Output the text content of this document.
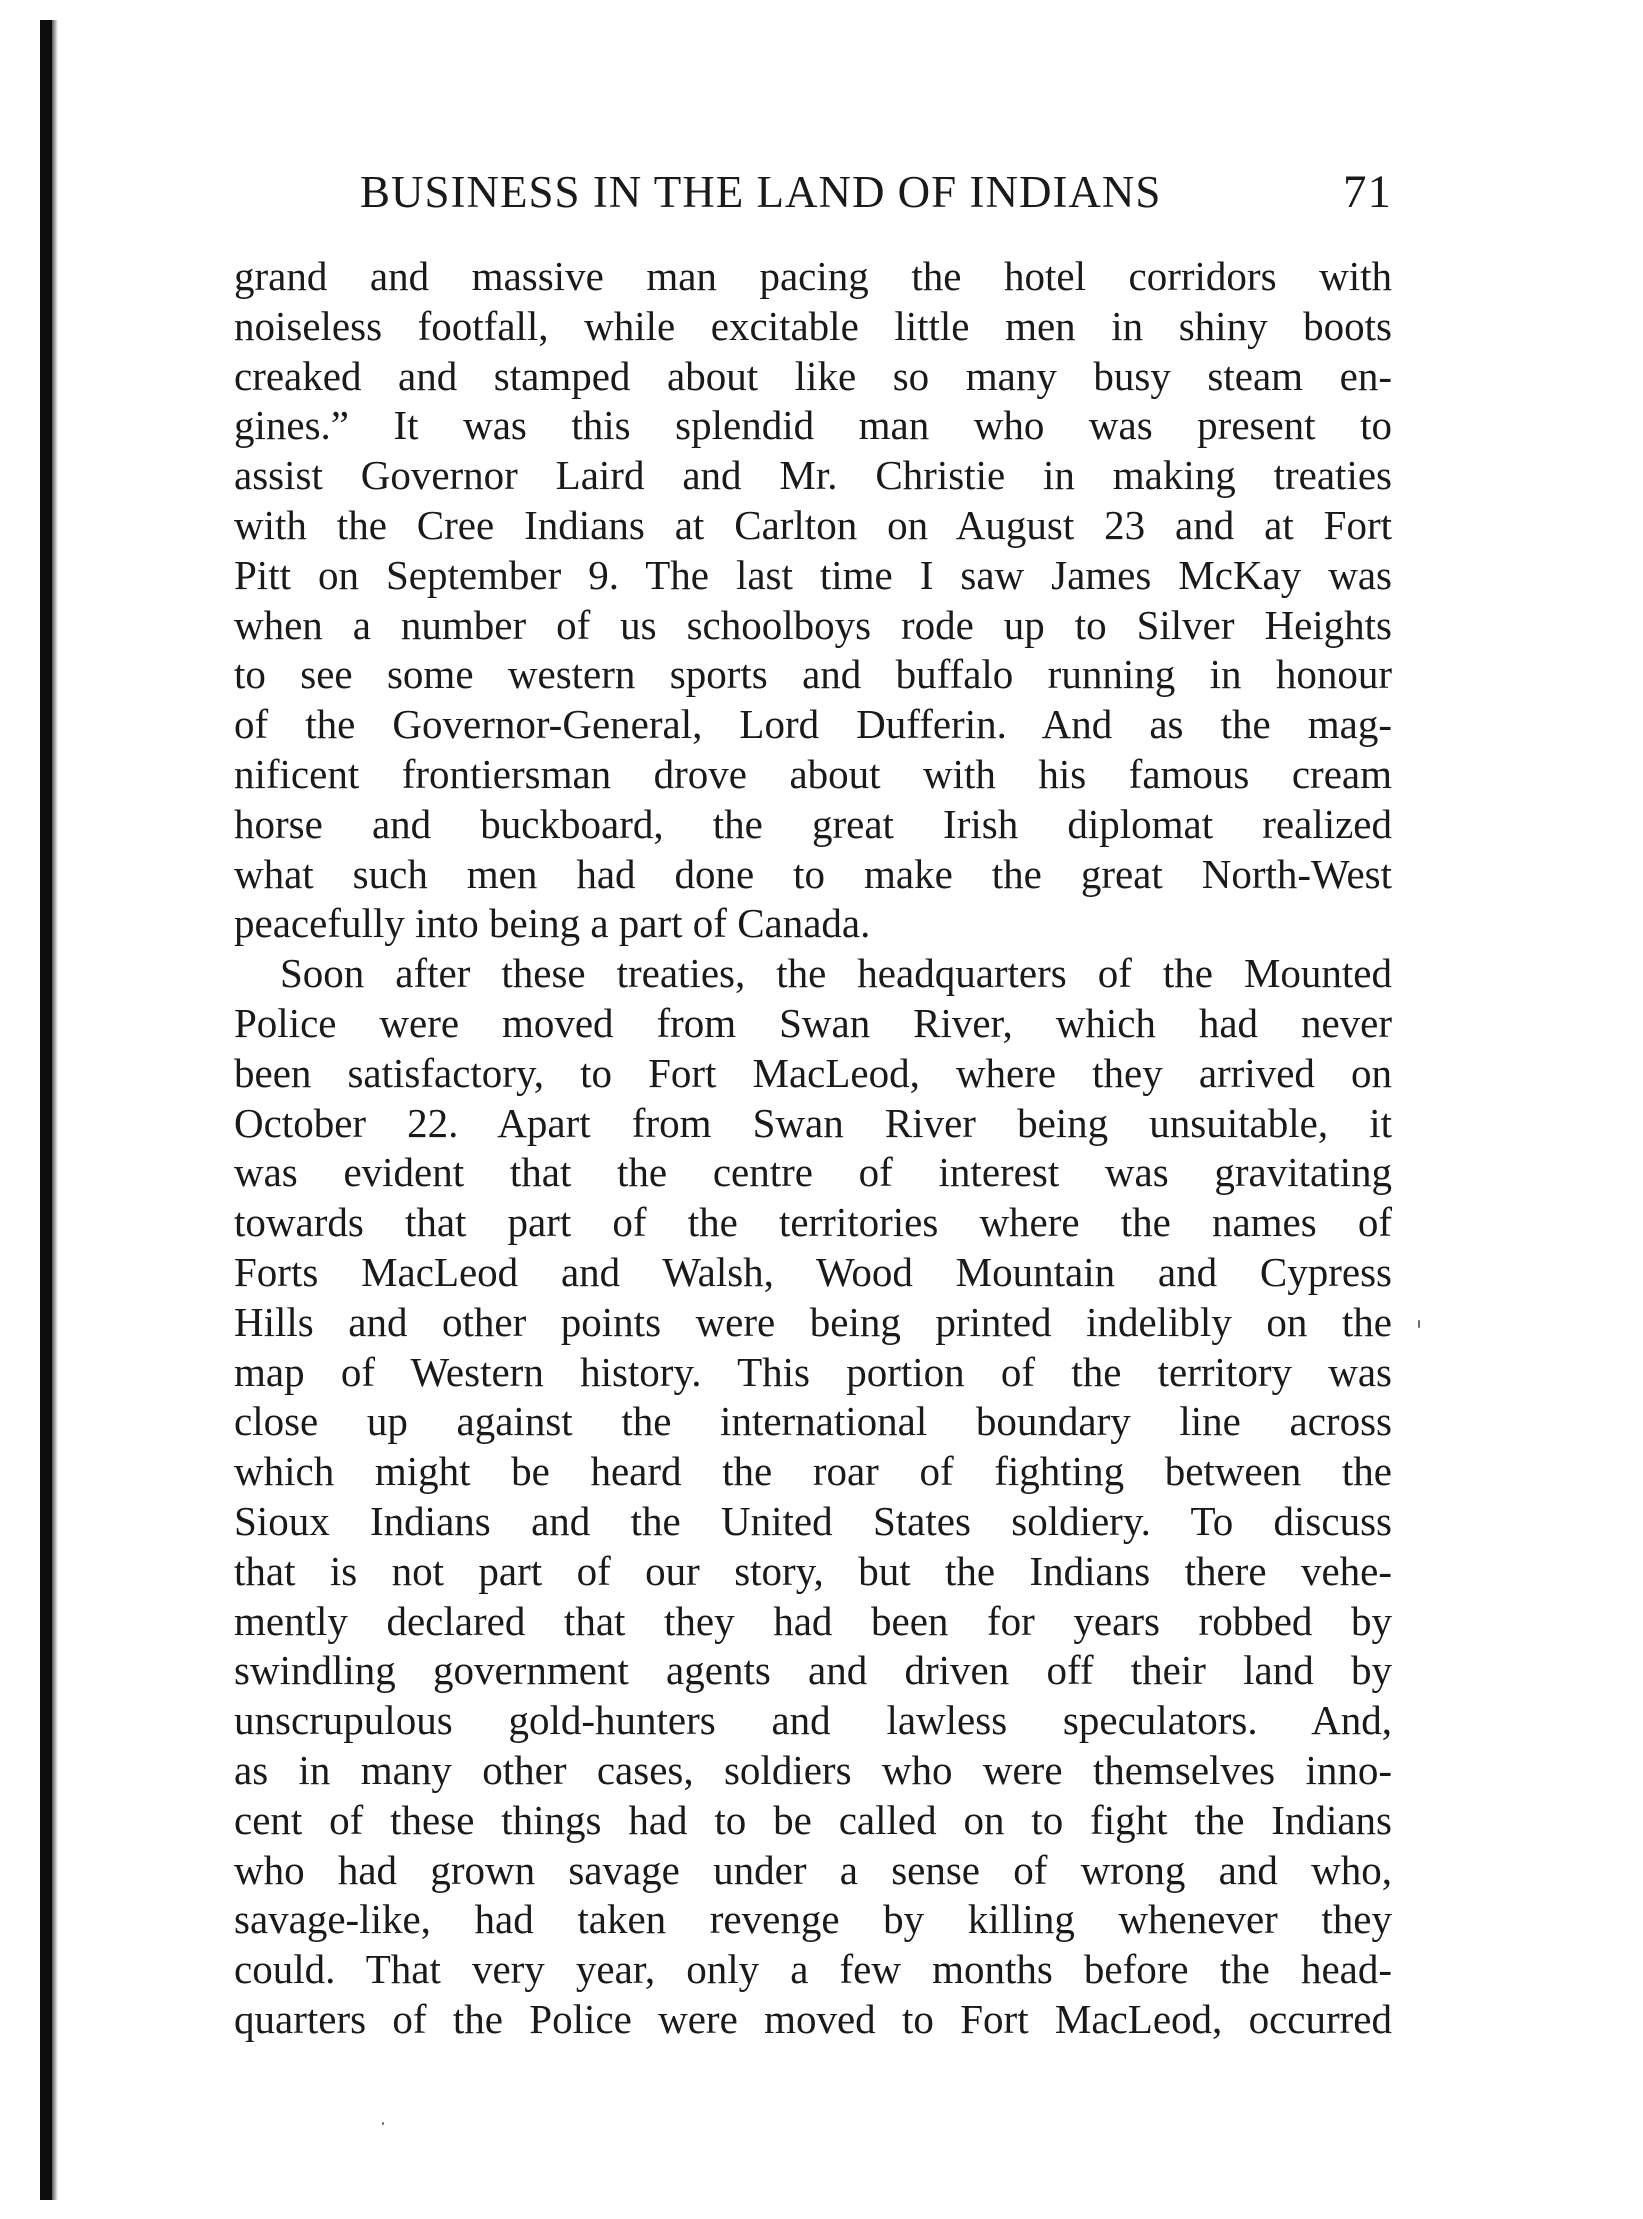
BUSINESS IN THE LAND OF INDIANS	71
grand and massive man pacing the hotel corridors with
noiseless footfall, while excitable little men in shiny boots
creaked and stamped about like so many busy steam en-
gines.” It was this splendid man who was present to
assist Governor Laird and Mr. Christie in making treaties
with the Cree Indians at Carlton on August 23 and at Fort
Pitt on September 9. The last time I saw James McKay was
when a number of us schoolboys rode up to Silver Heights
to see some western sports and buffalo running in honour
of the Governor-General, Lord Dufferin. And as the mag-
nificent frontiersman drove about with his famous cream
horse and buckboard, the great Irish diplomat realized
what such men had done to make the great North-West
peacefully into being a part of Canada.
Soon after these treaties, the headquarters of the Mounted
Police were moved from Swan River, which had never
been satisfactory, to Fort MacLeod, where they arrived on
October 22. Apart from Swan River being unsuitable, it
was evident that the centre of interest was gravitating
towards that part of the territories where the names of
Forts MacLeod and Walsh, Wood Mountain and Cypress
Hills and other points were being printed indelibly on the
map of Western history. This portion of the territory was
close up against the international boundary line across
which might be heard the roar of fighting between the
Sioux Indians and the United States soldiery. To discuss
that is not part of our story, but the Indians there vehe-
mently declared that they had been for years robbed by
swindling government agents and driven off their land by
unscrupulous gold-hunters and lawless speculators. And,
as in many other cases, soldiers who were themselves inno-
cent of these things had to be called on to fight the Indians
who had grown savage under a sense of wrong and who,
savage-like, had taken revenge by killing whenever they
could. That very year, only a few months before the head-
quarters of the Police were moved to Fort MacLeod, occurred
